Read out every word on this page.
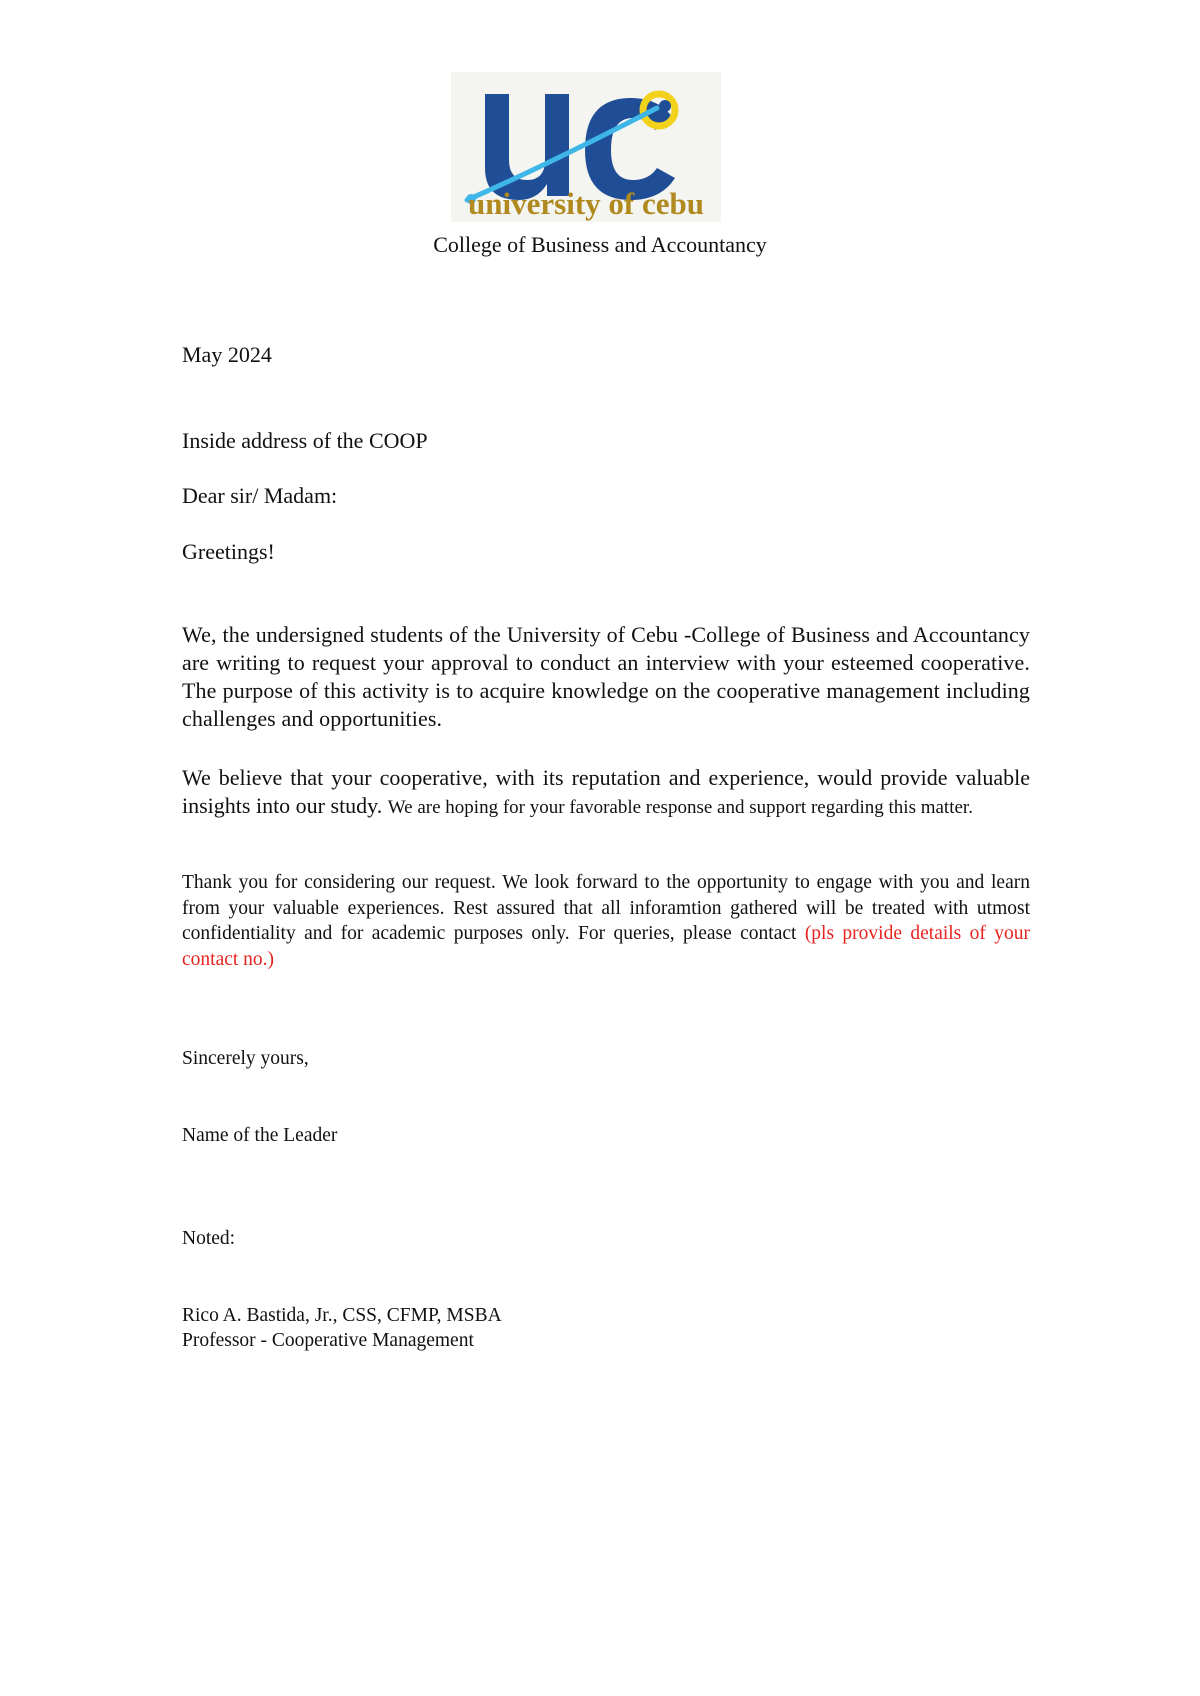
university of cebu
College of Business and Accountancy
May 2024
Inside address of the COOP
Dear sir/ Madam:
Greetings!
We, the undersigned students of the University of Cebu -College of Business and Accountancy are writing to request your approval to conduct an interview with your esteemed cooperative. The purpose of this activity is to acquire knowledge on the cooperative management including challenges and opportunities.
We believe that your cooperative, with its reputation and experience, would provide valuable insights into our study. We are hoping for your favorable response and support regarding this matter.
Thank you for considering our request. We look forward to the opportunity to engage with you and learn from your valuable experiences. Rest assured that all inforamtion gathered will be treated with utmost confidentiality and for academic purposes only. For queries, please contact (pls provide details of your contact no.)
Sincerely yours,
Name of the Leader
Noted:
Rico A. Bastida, Jr., CSS, CFMP, MSBA
Professor - Cooperative Management
